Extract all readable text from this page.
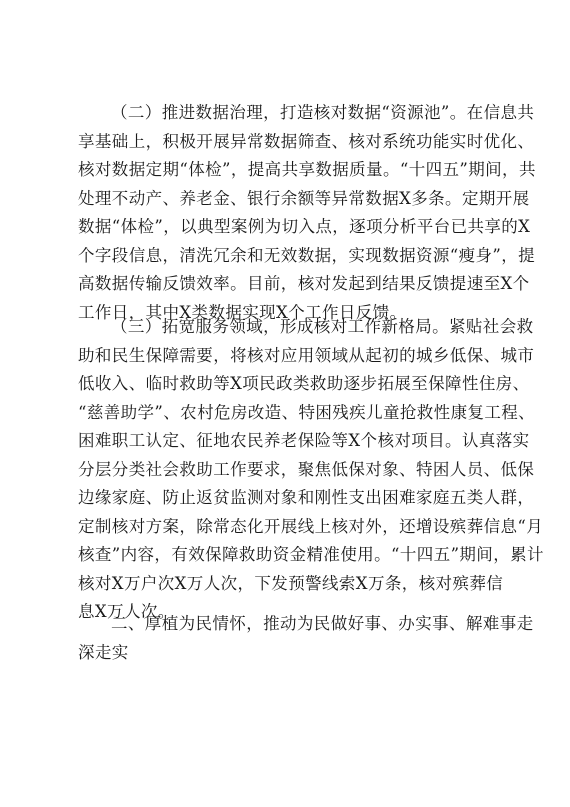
（二）推进数据治理，打造核对数据“资源池”。在信息共
享基础上，积极开展异常数据筛查、核对系统功能实时优化、
核对数据定期“体检”，提高共享数据质量。“十四五”期间，共
处理不动产、养老金、银行余额等异常数据X多条。定期开展
数据“体检”，以典型案例为切入点，逐项分析平台已共享的X
个字段信息，清洗冗余和无效数据，实现数据资源“瘦身”，提
高数据传输反馈效率。目前，核对发起到结果反馈提速至X个
工作日，其中X类数据实现X个工作日反馈。
（三）拓宽服务领域，形成核对工作新格局。紧贴社会救
助和民生保障需要，将核对应用领域从起初的城乡低保、城市
低收入、临时救助等X项民政类救助逐步拓展至保障性住房、
“慈善助学”、农村危房改造、特困残疾儿童抢救性康复工程、
困难职工认定、征地农民养老保险等X个核对项目。认真落实
分层分类社会救助工作要求，聚焦低保对象、特困人员、低保
边缘家庭、防止返贫监测对象和刚性支出困难家庭五类人群，
定制核对方案，除常态化开展线上核对外，还增设殡葬信息“月
核查”内容，有效保障救助资金精准使用。“十四五”期间，累计
核对X万户次X万人次，下发预警线索X万条，核对殡葬信
息X万人次。
二、厚植为民情怀，推动为民做好事、办实事、解难事走
深走实
